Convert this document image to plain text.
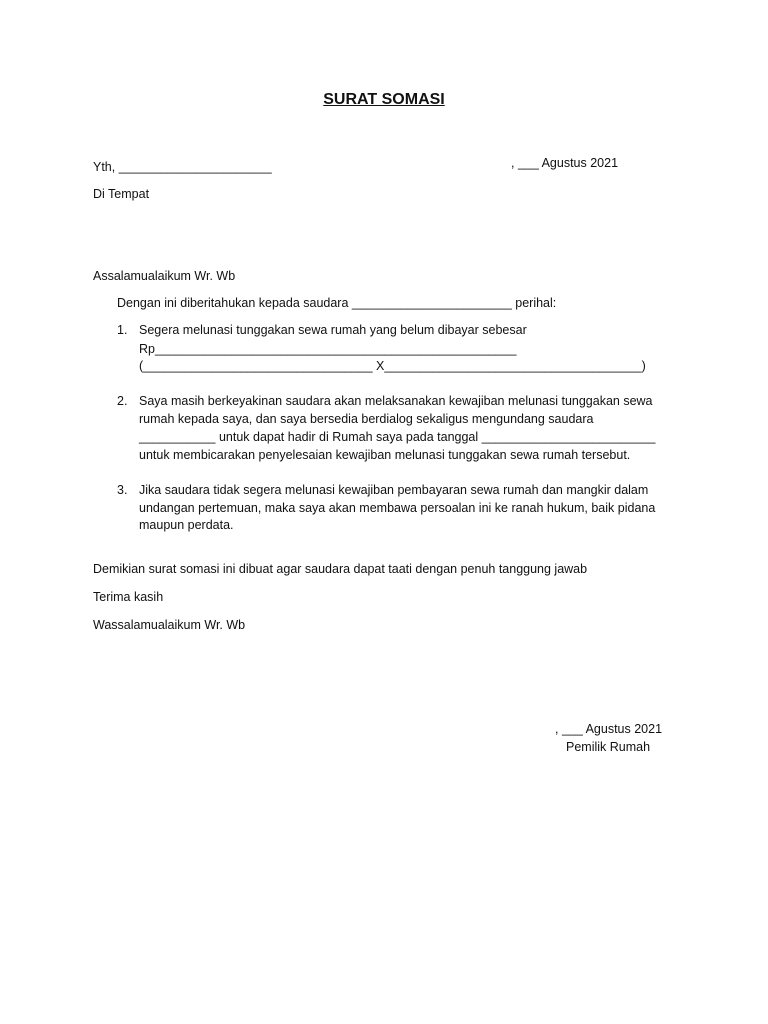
SURAT SOMASI
Yth, ______________________	, ___ Agustus 2021
Di Tempat
Assalamualaikum Wr. Wb
Dengan ini diberitahukan kepada saudara _______________________ perihal:
1. Segera melunasi tunggakan sewa rumah yang belum dibayar sebesar
Rp____________________________________________________
(_________________________________ X_____________________________________)
2. Saya masih berkeyakinan saudara akan melaksanakan kewajiban melunasi tunggakan sewa
rumah kepada saya, dan saya bersedia berdialog sekaligus mengundang saudara
___________ untuk dapat hadir di Rumah saya pada tanggal _________________________
untuk membicarakan penyelesaian kewajiban melunasi tunggakan sewa rumah tersebut.
3. Jika saudara tidak segera melunasi kewajiban pembayaran sewa rumah dan mangkir dalam
undangan pertemuan, maka saya akan membawa persoalan ini ke ranah hukum, baik pidana
maupun perdata.
Demikian surat somasi ini dibuat agar saudara dapat taati dengan penuh tanggung jawab
Terima kasih
Wassalamualaikum Wr. Wb
, ___ Agustus 2021
Pemilik Rumah
